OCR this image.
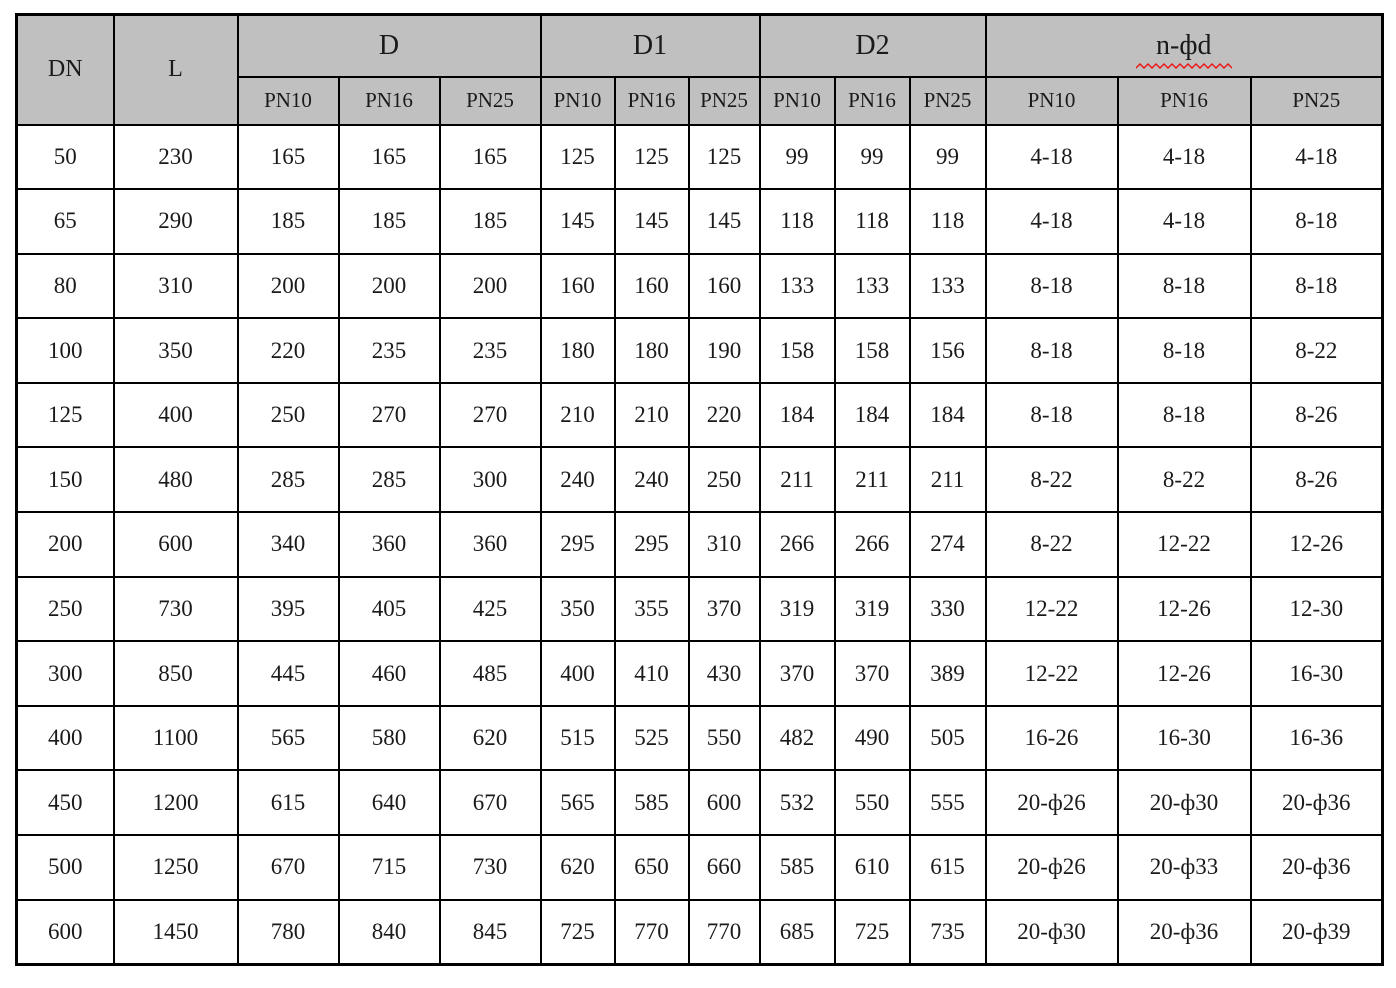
DN	L	D			D1			D2			n-фd		

		PN10	PN16	PN25	PN10	PN16	PN25	PN10	PN16	PN25	PN10	PN16	PN25
50	230	165	165	165	125	125	125	99	99	99	4-18	4-18	4-18
65	290	185	185	185	145	145	145	118	118	118	4-18	4-18	8-18
80	310	200	200	200	160	160	160	133	133	133	8-18	8-18	8-18
100	350	220	235	235	180	180	190	158	158	156	8-18	8-18	8-22
125	400	250	270	270	210	210	220	184	184	184	8-18	8-18	8-26
150	480	285	285	300	240	240	250	211	211	211	8-22	8-22	8-26
200	600	340	360	360	295	295	310	266	266	274	8-22	12-22	12-26
250	730	395	405	425	350	355	370	319	319	330	12-22	12-26	12-30
300	850	445	460	485	400	410	430	370	370	389	12-22	12-26	16-30
400	1100	565	580	620	515	525	550	482	490	505	16-26	16-30	16-36
450	1200	615	640	670	565	585	600	532	550	555	20-ф26	20-ф30	20-ф36
500	1250	670	715	730	620	650	660	585	610	615	20-ф26	20-ф33	20-ф36
600	1450	780	840	845	725	770	770	685	725	735	20-ф30	20-ф36	20-ф39
